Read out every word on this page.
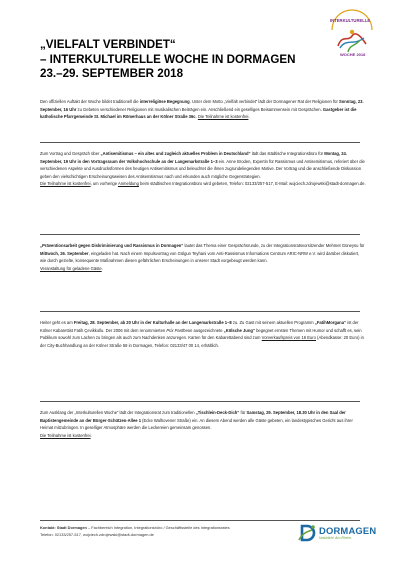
INTERKULTURELLE
WOCHE 2018
„VIELFALT VERBINDET“
– INTERKULTURELLE WOCHE IN DORMAGEN
23.–29. SEPTEMBER 2018
Den offiziellen Auftakt der Woche bildet traditionell die interreligiöse Begegnung. Unter dem Motto „Vielfalt verbindet“ lädt der Dormagener Rat der Religionen für Sonntag, 23. September, 16 Uhr zu Gebeten verschiedener Religionen mit musikalischen Beiträgen ein. Anschließend ein geselliges Beisammensein mit Gesprächen. Gastgeber ist die katholische Pfarrgemeinde St. Michael im Römerhaus an der Kölner Straße 36c. Die Teilnahme ist kostenfrei.
Zum Vortrag und Gespräch über „Antisemitismus – ein altes und zugleich aktuelles Problem in Deutschland“ lädt das städtische Integrationsbüro für Montag, 24. September, 19 Uhr in den Vortragsraum der Volkshochschule an der Langemarkstraße 1–3 ein. Anne Broden, Expertin für Rassismus und Antisemitismus, referiert über die verschiedenen Aspekte und Ausdrucksformen des heutigen Antisemitismus und beleuchtet die ihnen zugrundeliegenden Motive. Der Vortrag und die anschließende Diskussion geben den vielschichtigen Erscheinungsweisen des Antisemitismus nach und erkunden auch mögliche Gegenstrategien.
Die Teilnahme ist kostenfrei, um vorherige Anmeldung beim städtischen Integrationsbüro wird gebeten, Telefon: 02133/257-517, E-Mail: wojciech.zdrojewski@stadt-dormagen.de.
„Präventionsarbeit gegen Diskriminierung und Rassismus in Dormagen“ lautet das Thema einer Gesprächsrunde, zu der Integrationsratsvorsitzender Mehmet Güneysu für Mittwoch, 26. September, eingeladen hat. Nach einem Impulsvortrag von Gülgun Teyhani vom Anti-Rassismus Informations Centrum ARIC-NRW e.V. wird darüber diskutiert, wie durch gezielte, konsequente Maßnahmen diesen gefährlichen Erscheinungen in unserer Stadt vorgebeugt werden kann.
Veranstaltung für geladene Gäste.
Heiter geht es am Freitag, 28. September, ab 20 Uhr in der Kulturhalle an der Langemarkstraße 1–8 zu. Zu Gast mit seinem aktuellen Programm „FatihMorgana“ ist der Kölner Kabarettist Fatih Çevikkollu. Der 2006 mit dem renommierten Prix Pantheon ausgezeichnete „Kölsche Jung“ begegnet ernsten Themen mit Humor und schafft es, sein Publikum sowohl zum Lachen zu bringen als auch zum Nachdenken anzuregen. Karten für den Kabarettabend sind zum Vorverkaufspreis von 16 Euro (Abendkasse: 20 Euro) in der City-Buchhandlung an der Kölner Straße 58 in Dormagen, Telefon: 02133/47 00 14, erhältlich.
Zum Ausklang der „Interkulturellen Woche“ lädt der Integrationsrat zum traditionellen „Tischlein-Deck-Dich“ für Samstag, 29. September, 18.30 Uhr in den Saal der Baptistengemeinde an der Bürger-Schützen-Allee 1 (Ecke Walhovener Straße) ein. An diesem Abend werden alle Gäste gebeten, ein landestypisches Gericht aus ihrer Heimat mitzubringen. In geselliger Atmosphäre werden die Leckereien gemeinsam genossen.
Die Teilnahme ist kostenfrei.
Kontakt: Stadt Dormagen – Fachbereich Integration, Integrationsbüro / Geschäftsstelle des Integrationsrates
Telefon: 02133/257-517, wojciech.zdrojewski@stadt-dormagen.de	DORMAGEN
Natürlich! Am Rhein.
